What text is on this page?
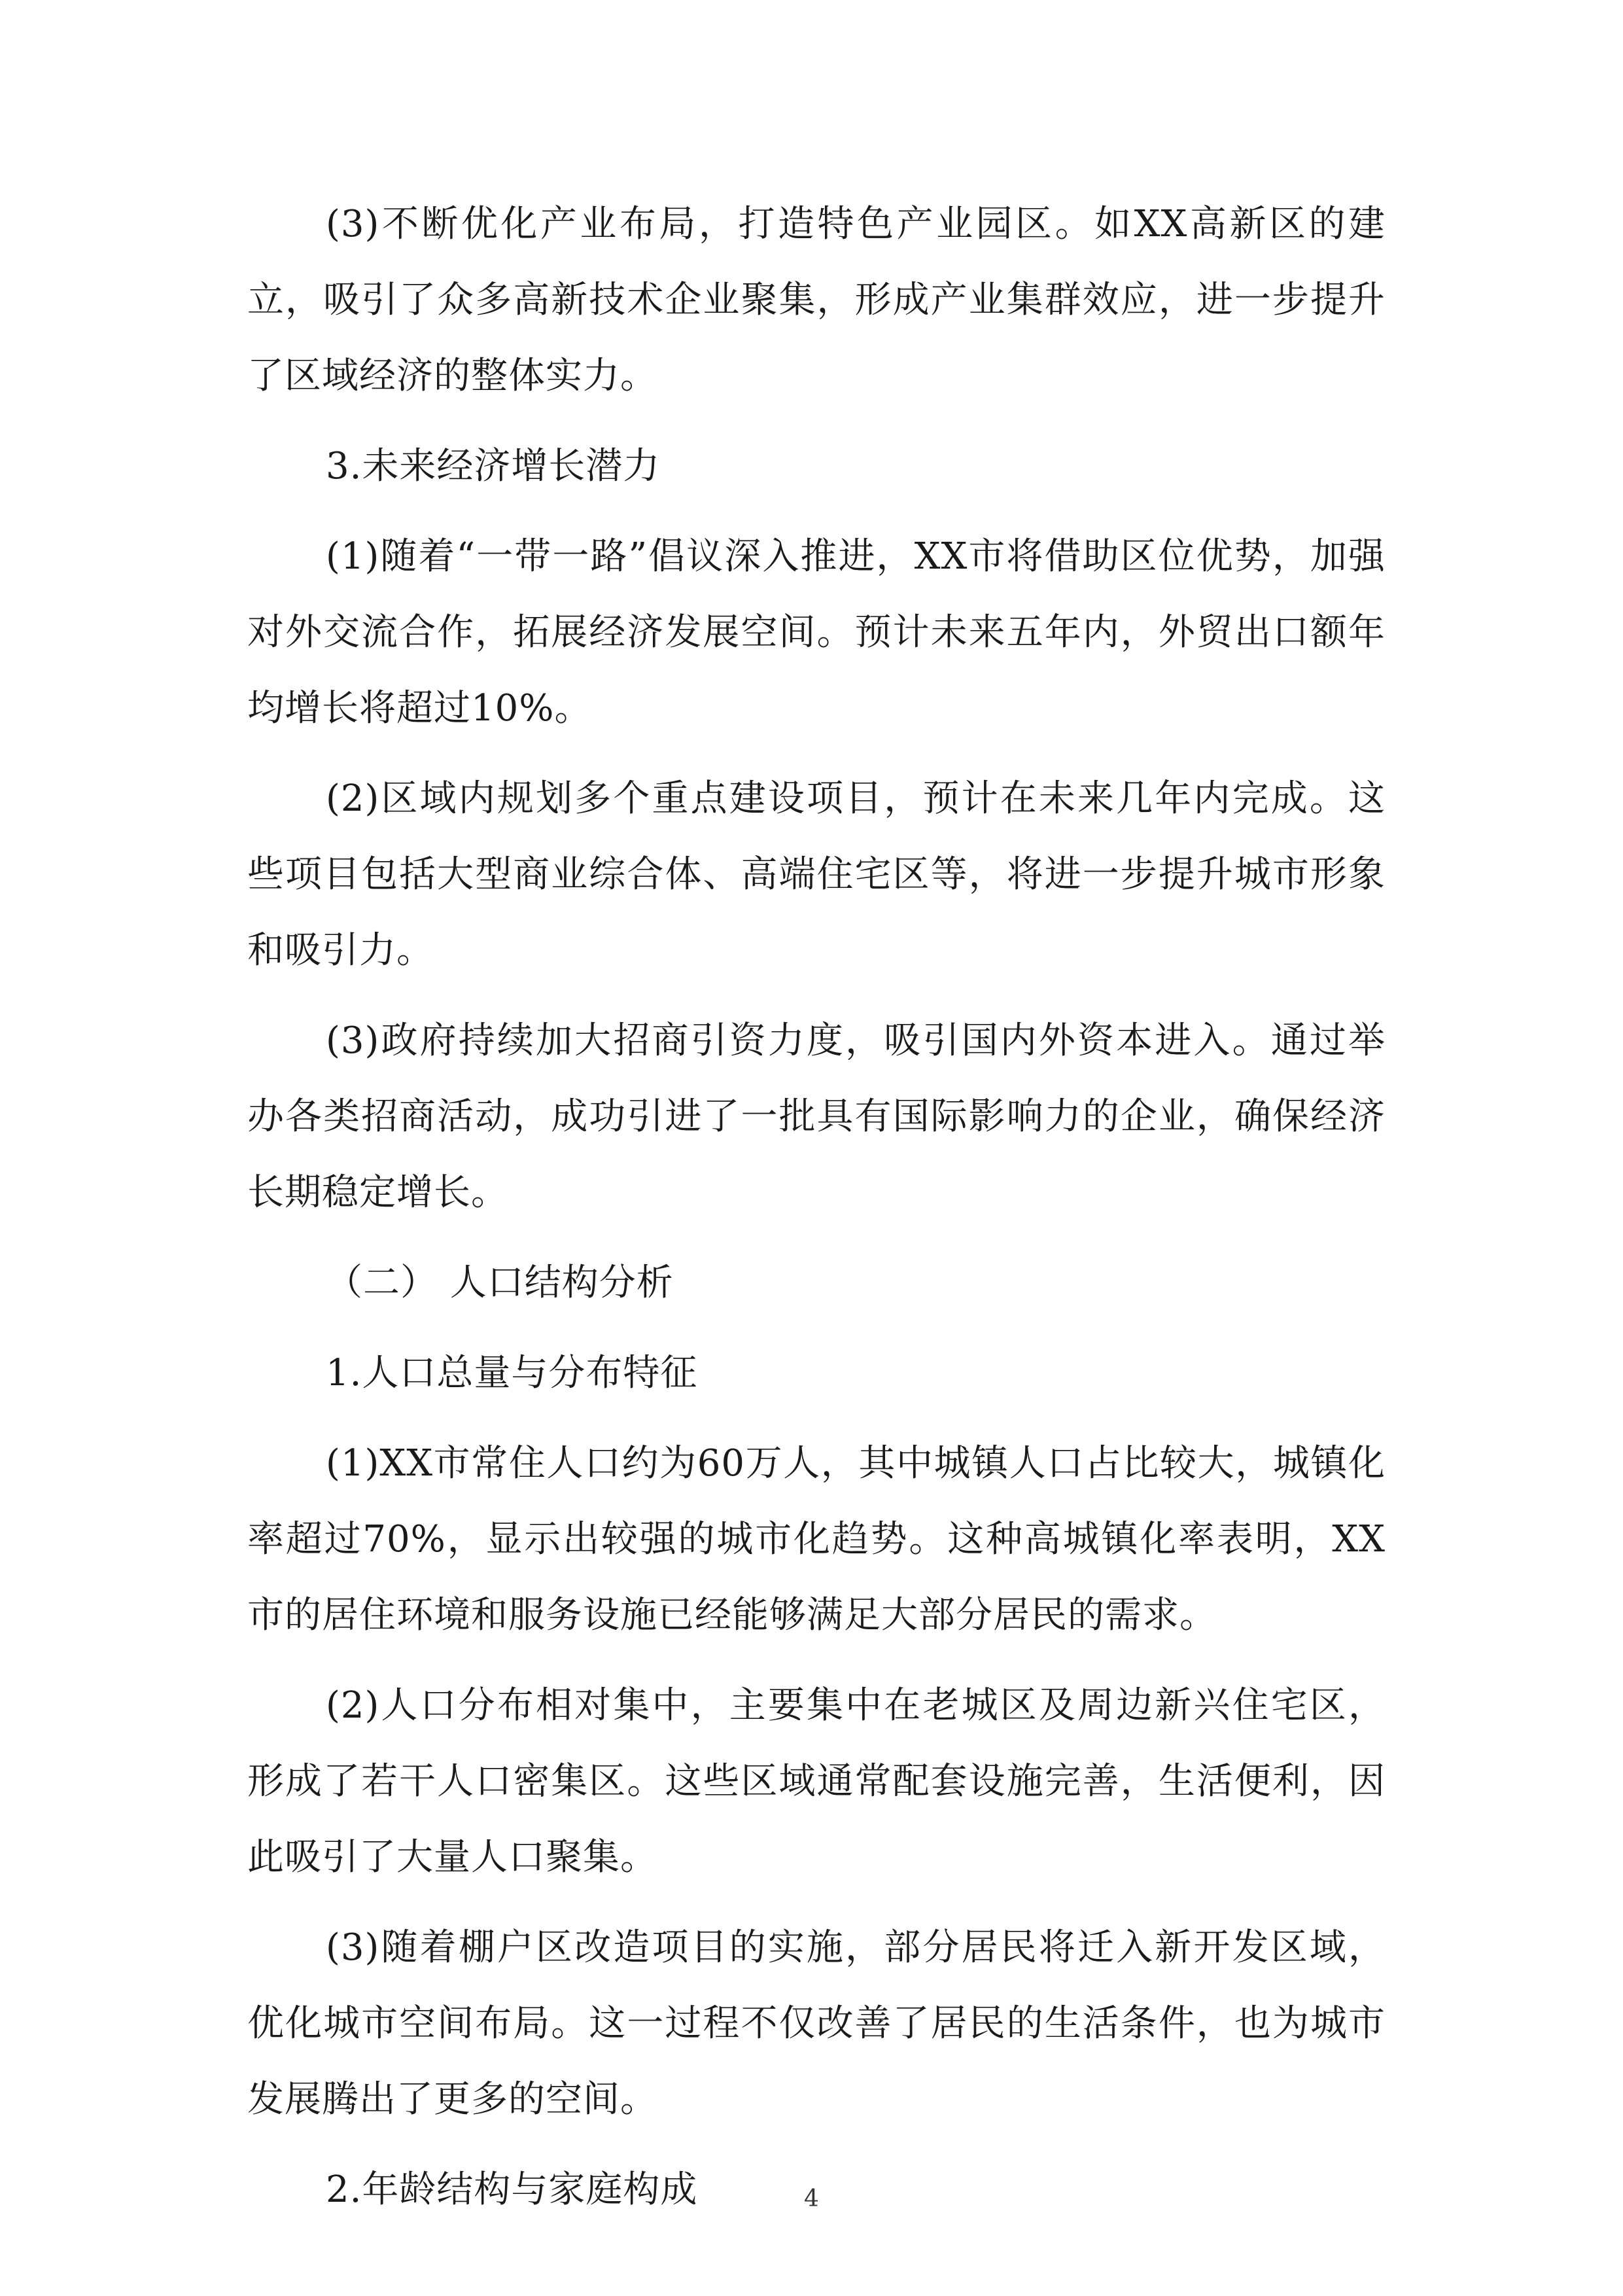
(3)不断优化产业布局，打造特色产业园区。如XX高新区的建立，吸引了众多高新技术企业聚集，形成产业集群效应，进一步提升了区域经济的整体实力。

3.未来经济增长潜力

(1)随着“一带一路”倡议深入推进，XX市将借助区位优势，加强对外交流合作，拓展经济发展空间。预计未来五年内，外贸出口额年均增长将超过10%。

(2)区域内规划多个重点建设项目，预计在未来几年内完成。这些项目包括大型商业综合体、高端住宅区等，将进一步提升城市形象和吸引力。

(3)政府持续加大招商引资力度，吸引国内外资本进入。通过举办各类招商活动，成功引进了一批具有国际影响力的企业，确保经济长期稳定增长。

（二） 人口结构分析

1.人口总量与分布特征

(1)XX市常住人口约为60万人，其中城镇人口占比较大，城镇化率超过70%，显示出较强的城市化趋势。这种高城镇化率表明，XX市的居住环境和服务设施已经能够满足大部分居民的需求。

(2)人口分布相对集中，主要集中在老城区及周边新兴住宅区，形成了若干人口密集区。这些区域通常配套设施完善，生活便利，因此吸引了大量人口聚集。

(3)随着棚户区改造项目的实施，部分居民将迁入新开发区域，优化城市空间布局。这一过程不仅改善了居民的生活条件，也为城市发展腾出了更多的空间。

2.年龄结构与家庭构成	4
